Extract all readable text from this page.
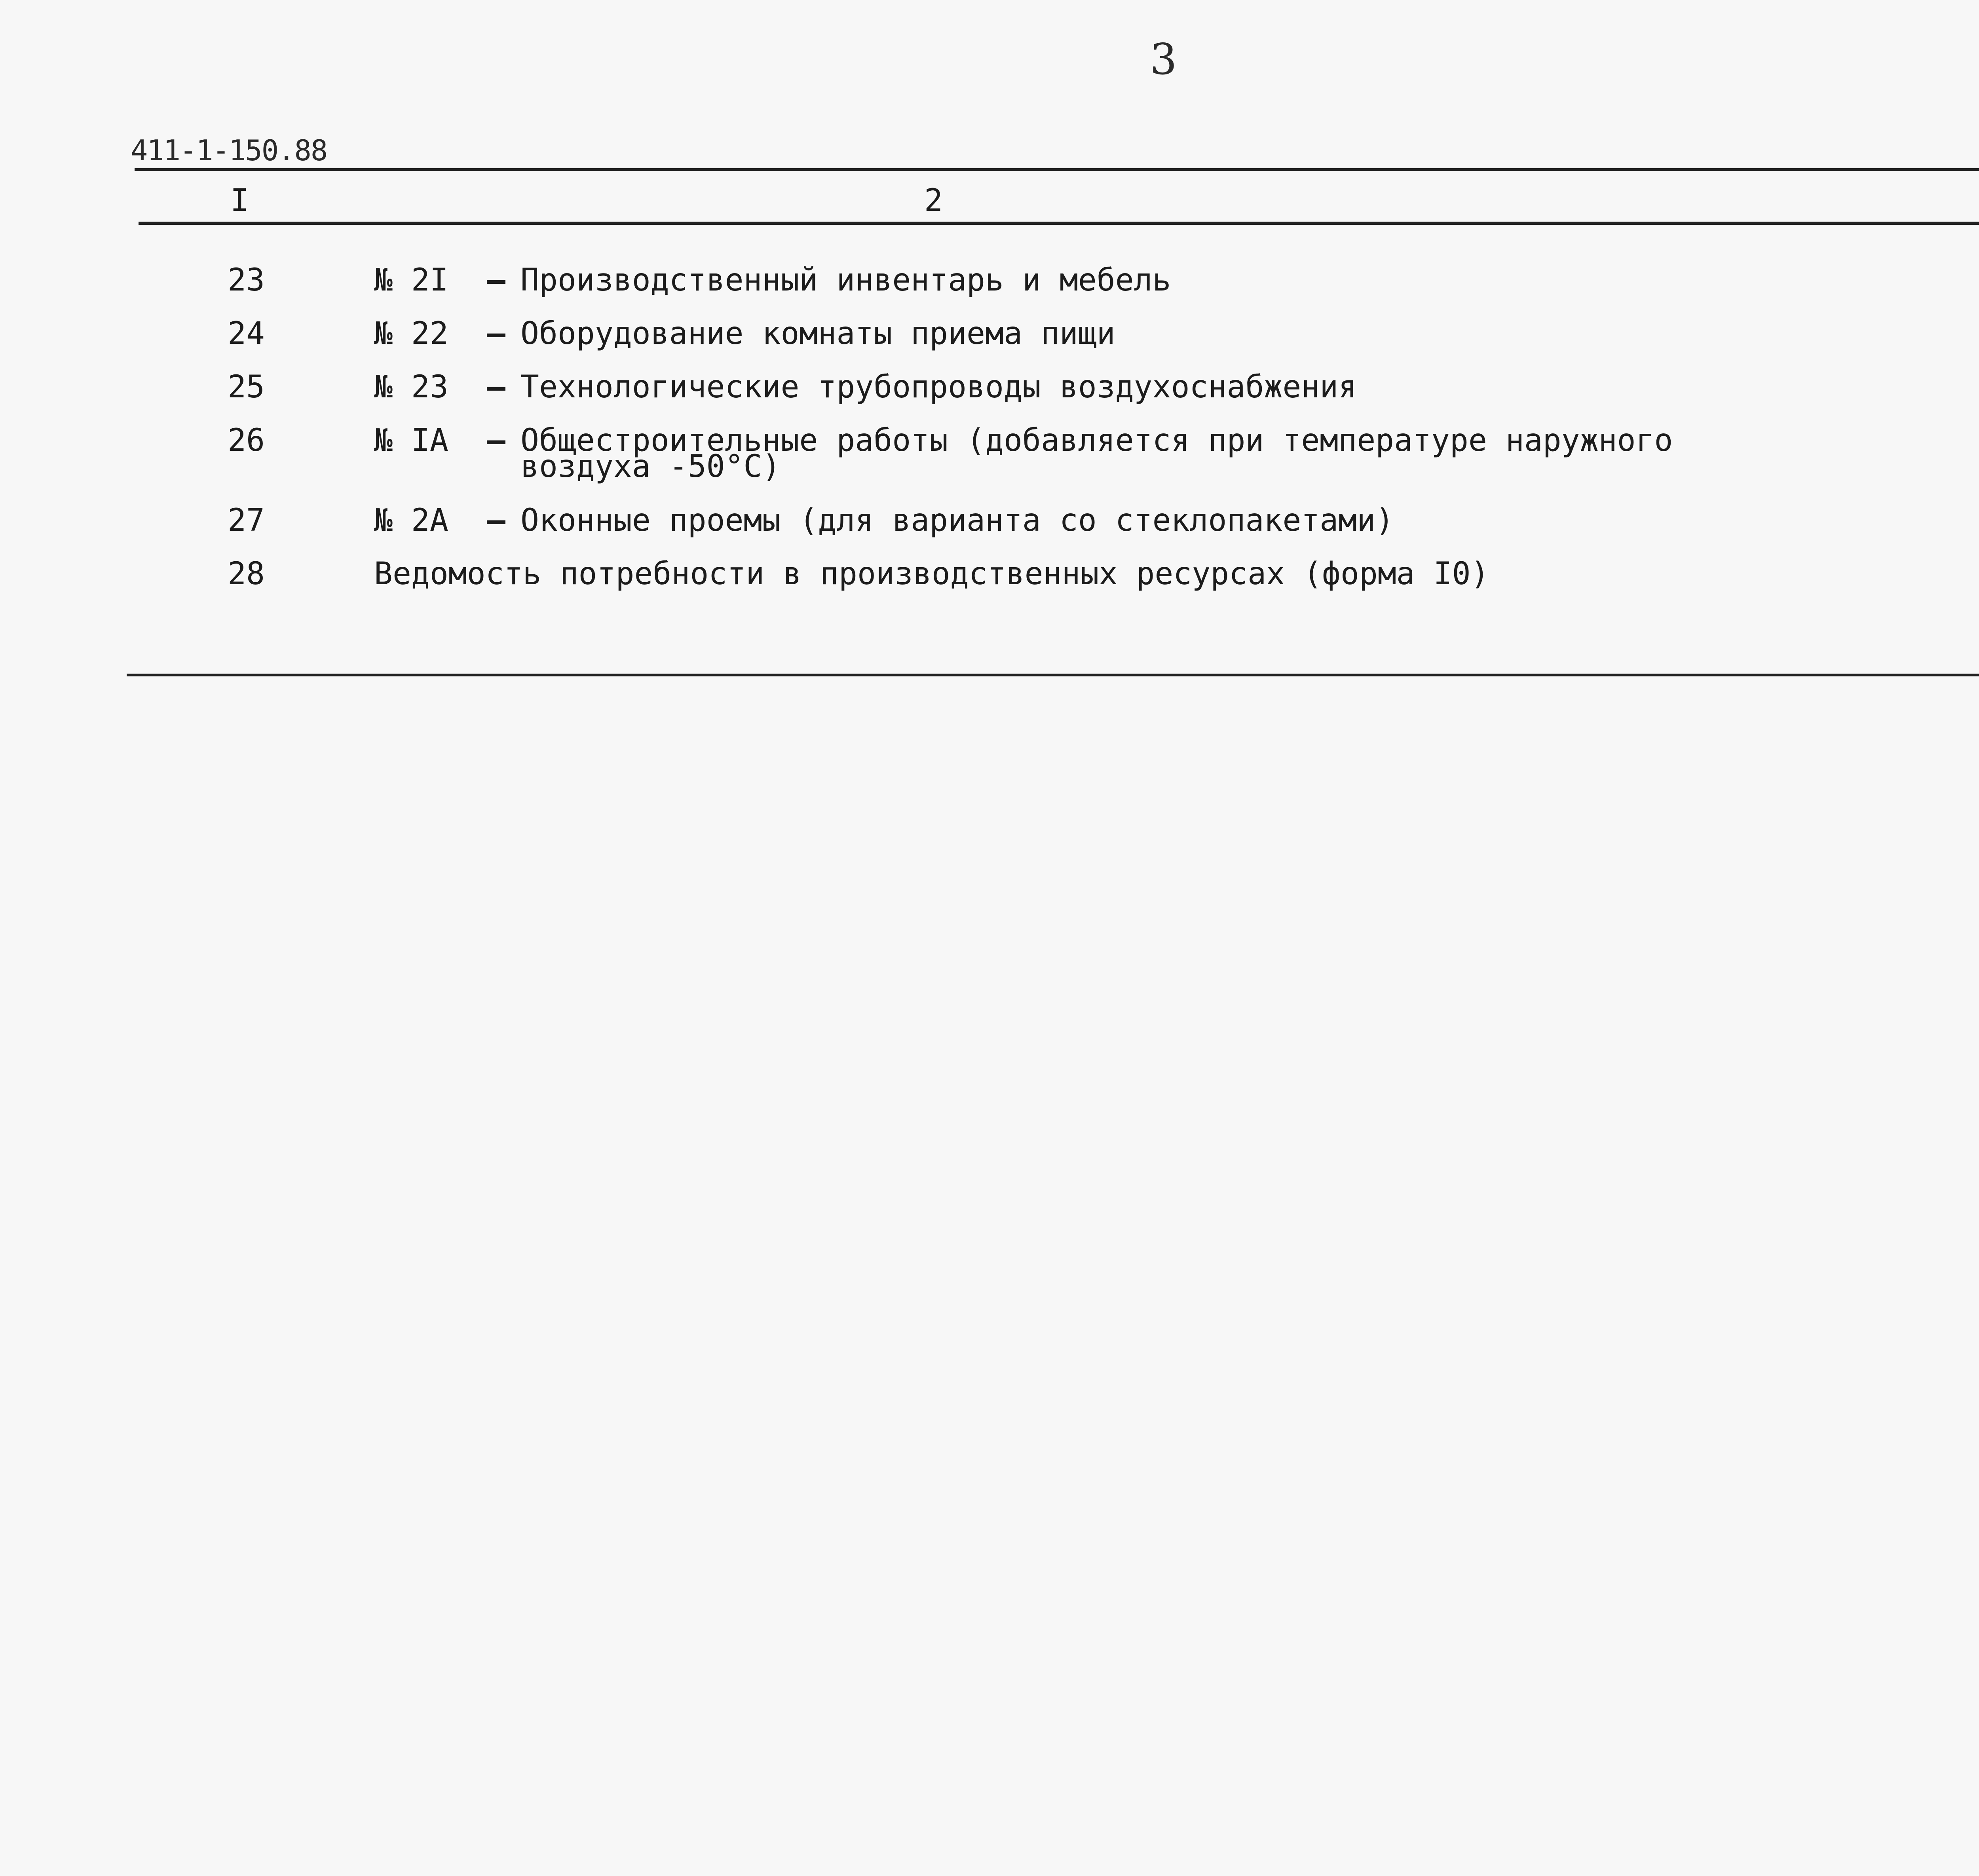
3
411-1-150.88
I	2
23	№ 2I – Производственный инвентарь и мебель
24	№ 22 – Оборудование комнаты приема пищи
25	№ 23 – Технологические трубопроводы воздухоснабжения
26	№ IA – Общестроительные работы (добавляется при температуре наружного
воздуха -50°С)
27	№ 2A – Оконные проемы (для варианта со стеклопакетами)
28	Ведомость потребности в производственных ресурсах (форма I0)
